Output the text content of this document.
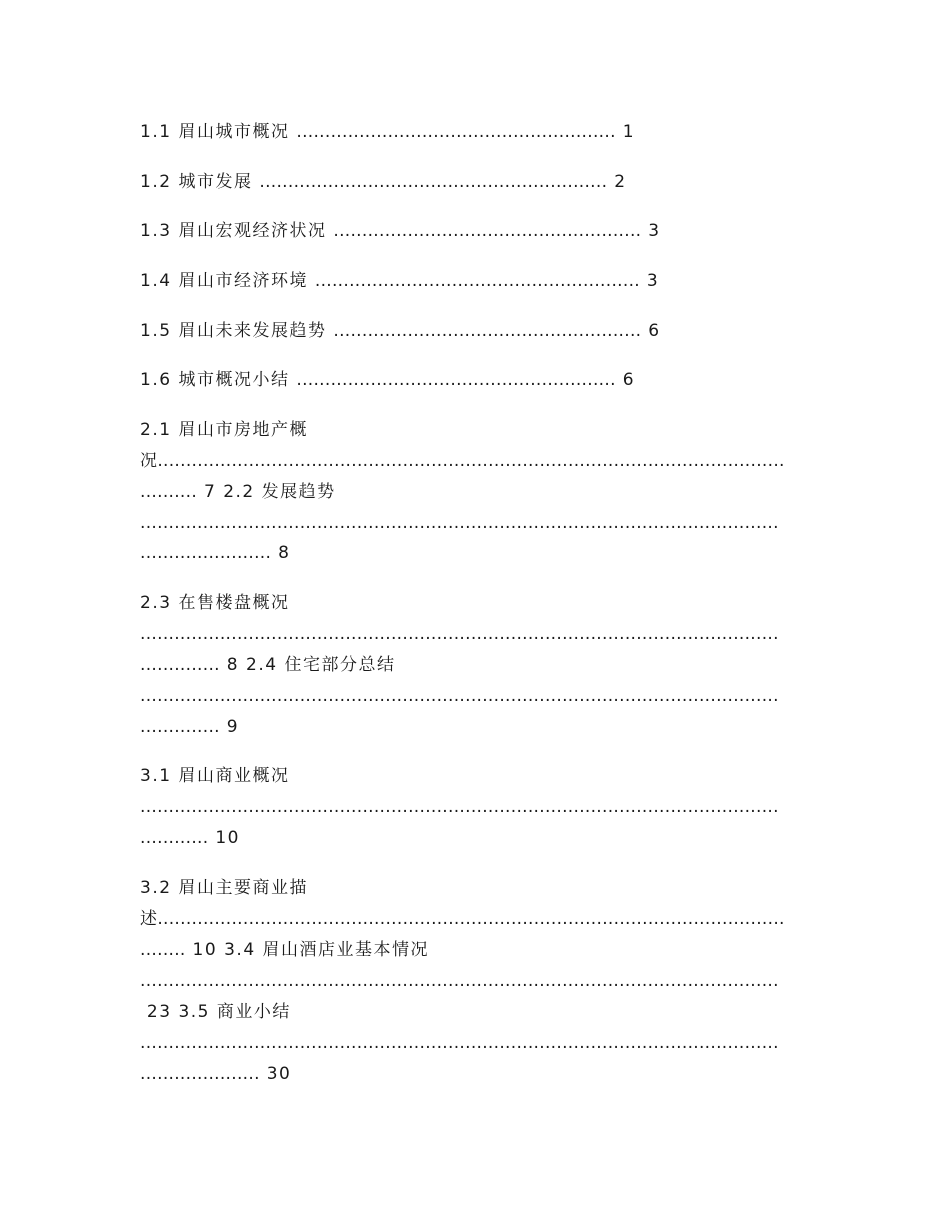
1.1 眉山城市概况 ........................................................ 1
1.2 城市发展 ............................................................. 2
1.3 眉山宏观经济状况 ...................................................... 3
1.4 眉山市经济环境 ......................................................... 3
1.5 眉山未来发展趋势 ...................................................... 6
1.6 城市概况小结 ........................................................ 6
2.1 眉山市房地产概
况..............................................................................................................
.......... 7 2.2 发展趋势
................................................................................................................
....................... 8
2.3 在售楼盘概况
................................................................................................................
.............. 8 2.4 住宅部分总结
................................................................................................................
.............. 9
3.1 眉山商业概况
................................................................................................................
............ 10
3.2 眉山主要商业描
述..............................................................................................................
........ 10 3.4 眉山酒店业基本情况
................................................................................................................
23 3.5 商业小结
................................................................................................................
..................... 30
